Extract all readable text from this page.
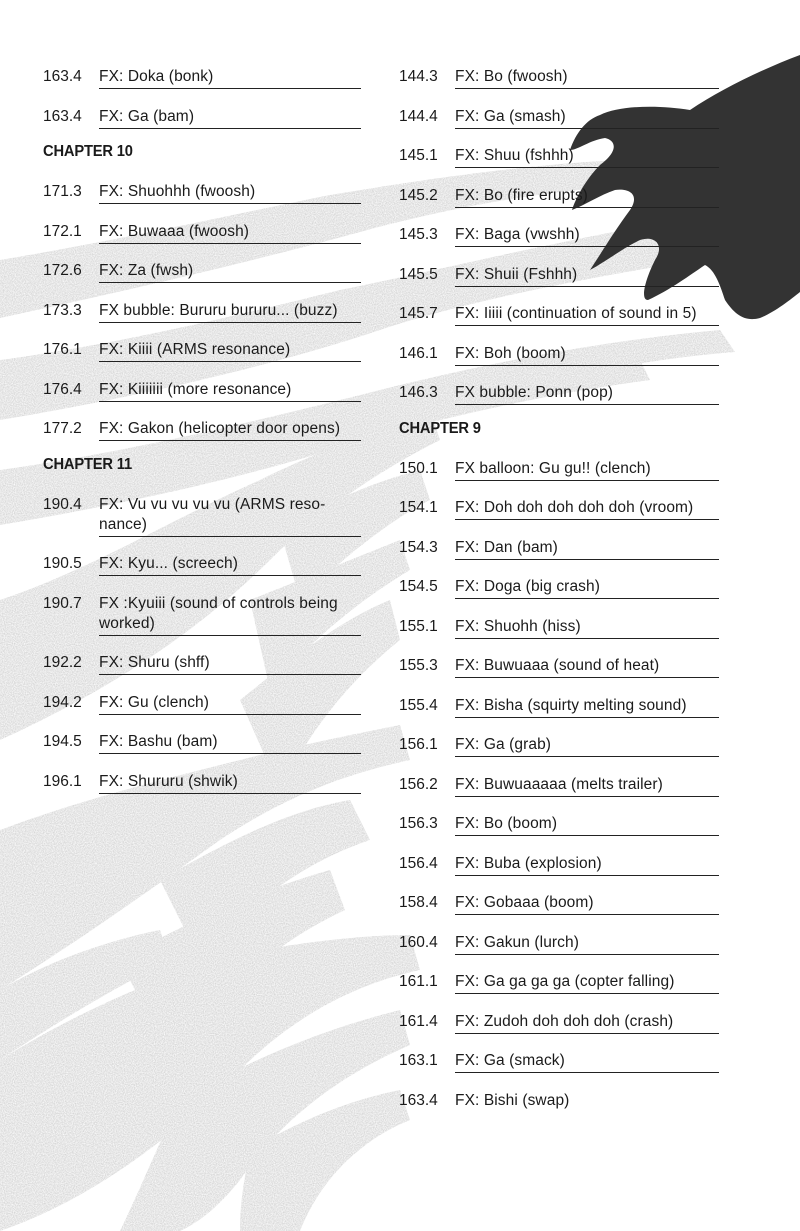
163.4	FX: Doka (bonk)
163.4	FX: Ga (bam)
CHAPTER 10
171.3	FX: Shuohhh (fwoosh)
172.1	FX: Buwaaa (fwoosh)
172.6	FX: Za (fwsh)
173.3	FX bubble: Bururu bururu... (buzz)
176.1	FX: Kiiii (ARMS resonance)
176.4	FX: Kiiiiiii (more resonance)
177.2	FX: Gakon (helicopter door opens)
CHAPTER 11
190.4	FX: Vu vu vu vu vu (ARMS reso-nance)
190.5	FX: Kyu... (screech)
190.7	FX :Kyuiii (sound of controls being worked)
192.2	FX: Shuru (shff)
194.2	FX: Gu (clench)
194.5	FX: Bashu (bam)
196.1	FX: Shururu (shwik)
144.3	FX: Bo (fwoosh)
144.4	FX: Ga (smash)
145.1	FX: Shuu (fshhh)
145.2	FX: Bo (fire erupts)
145.3	FX: Baga (vwshh)
145.5	FX: Shuii (Fshhh)
145.7	FX: Iiiii (continuation of sound in 5)
146.1	FX: Boh (boom)
146.3	FX bubble: Ponn (pop)
CHAPTER 9
150.1	FX balloon: Gu gu!! (clench)
154.1	FX: Doh doh doh doh doh (vroom)
154.3	FX: Dan (bam)
154.5	FX: Doga (big crash)
155.1	FX: Shuohh (hiss)
155.3	FX: Buwuaaa (sound of heat)
155.4	FX: Bisha (squirty melting sound)
156.1	FX: Ga (grab)
156.2	FX: Buwuaaaaa (melts trailer)
156.3	FX: Bo (boom)
156.4	FX: Buba (explosion)
158.4	FX: Gobaaa (boom)
160.4	FX: Gakun (lurch)
161.1	FX: Ga ga ga ga (copter falling)
161.4	FX: Zudoh doh doh doh (crash)
163.1	FX: Ga (smack)
163.4	FX: Bishi (swap)
